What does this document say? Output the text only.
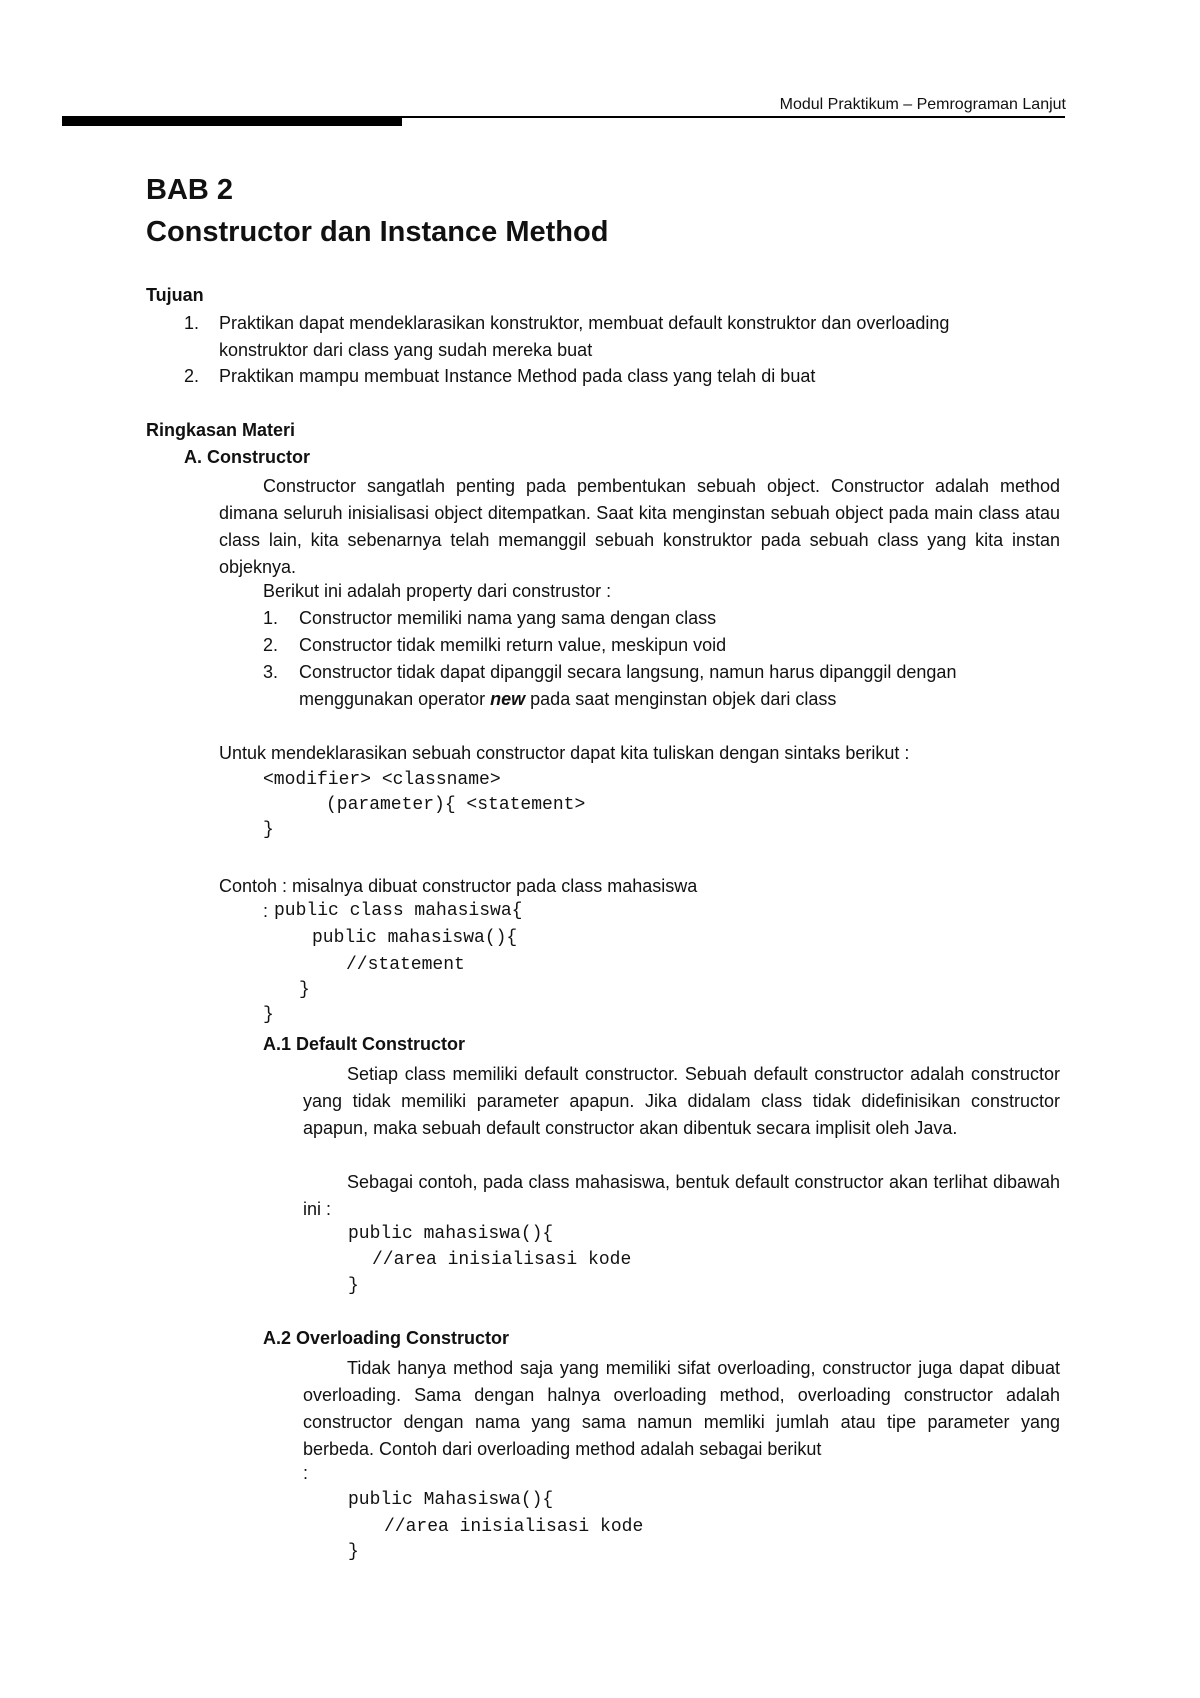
Modul Praktikum – Pemrograman Lanjut
BAB 2
Constructor dan Instance Method
Tujuan
1. Praktikan dapat mendeklarasikan konstruktor, membuat default konstruktor dan overloading
konstruktor dari class yang sudah mereka buat
2. Praktikan mampu membuat Instance Method pada class yang telah di buat
Ringkasan Materi
A. Constructor
Constructor sangatlah penting pada pembentukan sebuah object. Constructor adalah method dimana seluruh inisialisasi object ditempatkan. Saat kita menginstan sebuah object pada main class atau class lain, kita sebenarnya telah memanggil sebuah konstruktor pada sebuah class yang kita instan objeknya.
Berikut ini adalah property dari construstor :
1. Constructor memiliki nama yang sama dengan class
2. Constructor tidak memilki return value, meskipun void
3. Constructor tidak dapat dipanggil secara langsung, namun harus dipanggil dengan
menggunakan operator new pada saat menginstan objek dari class
Untuk mendeklarasikan sebuah constructor dapat kita tuliskan dengan sintaks berikut :
<modifier> <classname>
(parameter){ <statement>
}
Contoh : misalnya dibuat constructor pada class mahasiswa
: public class mahasiswa{
public mahasiswa(){
//statement
}
}
A.1 Default Constructor
Setiap class memiliki default constructor. Sebuah default constructor adalah constructor yang tidak memiliki parameter apapun. Jika didalam class tidak didefinisikan constructor apapun, maka sebuah default constructor akan dibentuk secara implisit oleh Java.
Sebagai contoh, pada class mahasiswa, bentuk default constructor akan terlihat dibawah ini :
public mahasiswa(){
//area inisialisasi kode
}
A.2 Overloading Constructor
Tidak hanya method saja yang memiliki sifat overloading, constructor juga dapat dibuat overloading. Sama dengan halnya overloading method, overloading constructor adalah constructor dengan nama yang sama namun memliki jumlah atau tipe parameter yang berbeda. Contoh dari overloading method adalah sebagai berikut
:
public Mahasiswa(){
//area inisialisasi kode
}
